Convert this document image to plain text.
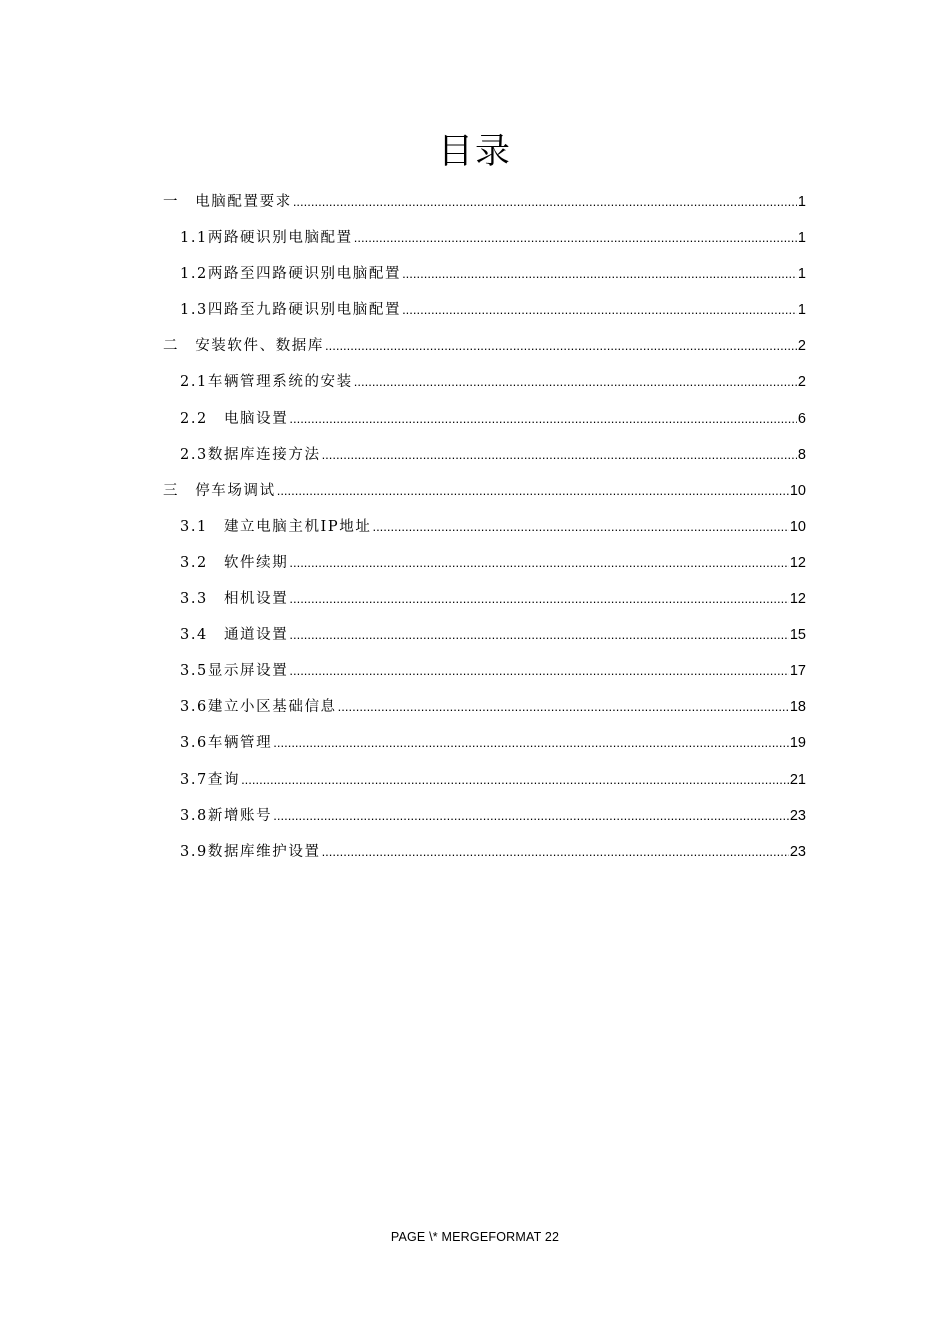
目录
一　电脑配置要求 .....	1
1.1两路硬识别电脑配置 .....	1
1.2两路至四路硬识别电脑配置 .....	1
1.3四路至九路硬识别电脑配置 .....	1
二　安装软件、数据库 .....	2
2.1车辆管理系统的安装 .....	2
2.2　电脑设置 .....	6
2.3数据库连接方法 .....	8
三　停车场调试 .....	10
3.1　建立电脑主机IP地址 .....	10
3.2　软件续期 .....	12
3.3　相机设置 .....	12
3.4　通道设置 .....	15
3.5显示屏设置 .....	17
3.6建立小区基础信息 .....	18
3.6车辆管理 .....	19
3.7查询 .....	21
3.8新增账号 .....	23
3.9数据库维护设置 .....	23
PAGE \* MERGEFORMAT 22
